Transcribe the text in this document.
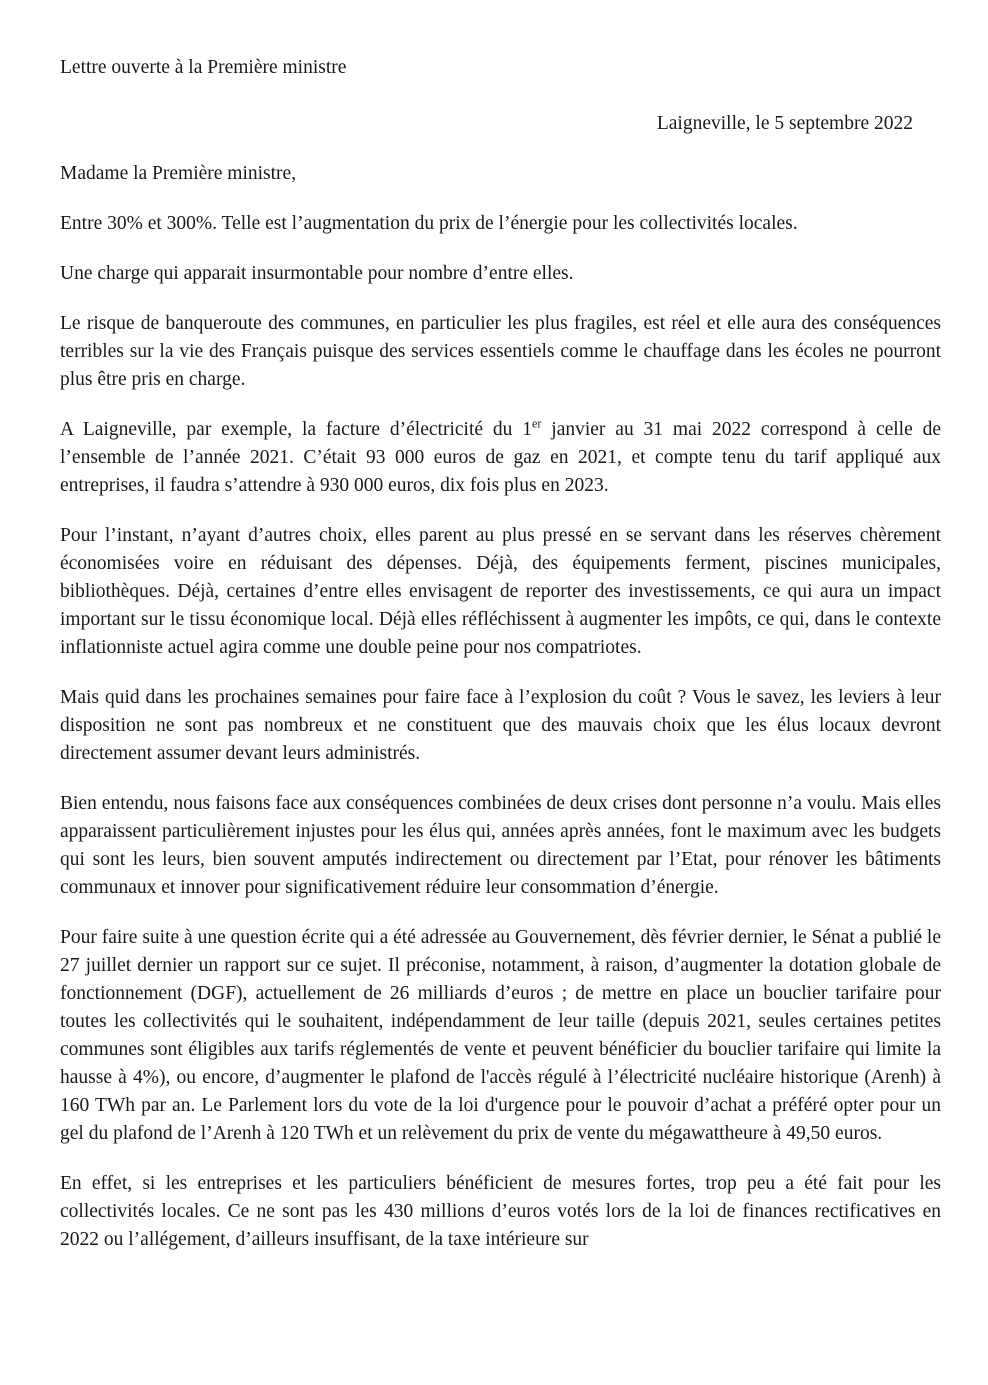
Lettre ouverte à la Première ministre

Laigneville, le 5 septembre 2022

Madame la Première ministre,

Entre 30% et 300%. Telle est l’augmentation du prix de l’énergie pour les collectivités locales.

Une charge qui apparait insurmontable pour nombre d’entre elles.

Le risque de banqueroute des communes, en particulier les plus fragiles, est réel et elle aura des conséquences terribles sur la vie des Français puisque des services essentiels comme le chauffage dans les écoles ne pourront plus être pris en charge.

A Laigneville, par exemple, la facture d’électricité du 1er janvier au 31 mai 2022 correspond à celle de l’ensemble de l’année 2021. C’était 93 000 euros de gaz en 2021, et compte tenu du tarif appliqué aux entreprises, il faudra s’attendre à 930 000 euros, dix fois plus en 2023.

Pour l’instant, n’ayant d’autres choix, elles parent au plus pressé en se servant dans les réserves chèrement économisées voire en réduisant des dépenses. Déjà, des équipements ferment, piscines municipales, bibliothèques. Déjà, certaines d’entre elles envisagent de reporter des investissements, ce qui aura un impact important sur le tissu économique local. Déjà elles réfléchissent à augmenter les impôts, ce qui, dans le contexte inflationniste actuel agira comme une double peine pour nos compatriotes.

Mais quid dans les prochaines semaines pour faire face à l’explosion du coût ? Vous le savez, les leviers à leur disposition ne sont pas nombreux et ne constituent que des mauvais choix que les élus locaux devront directement assumer devant leurs administrés.

Bien entendu, nous faisons face aux conséquences combinées de deux crises dont personne n’a voulu. Mais elles apparaissent particulièrement injustes pour les élus qui, années après années, font le maximum avec les budgets qui sont les leurs, bien souvent amputés indirectement ou directement par l’Etat, pour rénover les bâtiments communaux et innover pour significativement réduire leur consommation d’énergie.

Pour faire suite à une question écrite qui a été adressée au Gouvernement, dès février dernier, le Sénat a publié le 27 juillet dernier un rapport sur ce sujet. Il préconise, notamment, à raison, d’augmenter la dotation globale de fonctionnement (DGF), actuellement de 26 milliards d’euros ; de mettre en place un bouclier tarifaire pour toutes les collectivités qui le souhaitent, indépendamment de leur taille (depuis 2021, seules certaines petites communes sont éligibles aux tarifs réglementés de vente et peuvent bénéficier du bouclier tarifaire qui limite la hausse à 4%), ou encore, d’augmenter le plafond de l'accès régulé à l’électricité nucléaire historique (Arenh) à 160 TWh par an. Le Parlement lors du vote de la loi d'urgence pour le pouvoir d’achat a préféré opter pour un gel du plafond de l’Arenh à 120 TWh et un relèvement du prix de vente du mégawattheure à 49,50 euros.

En effet, si les entreprises et les particuliers bénéficient de mesures fortes, trop peu a été fait pour les collectivités locales. Ce ne sont pas les 430 millions d’euros votés lors de la loi de finances rectificatives en 2022 ou l’allégement, d’ailleurs insuffisant, de la taxe intérieure sur
